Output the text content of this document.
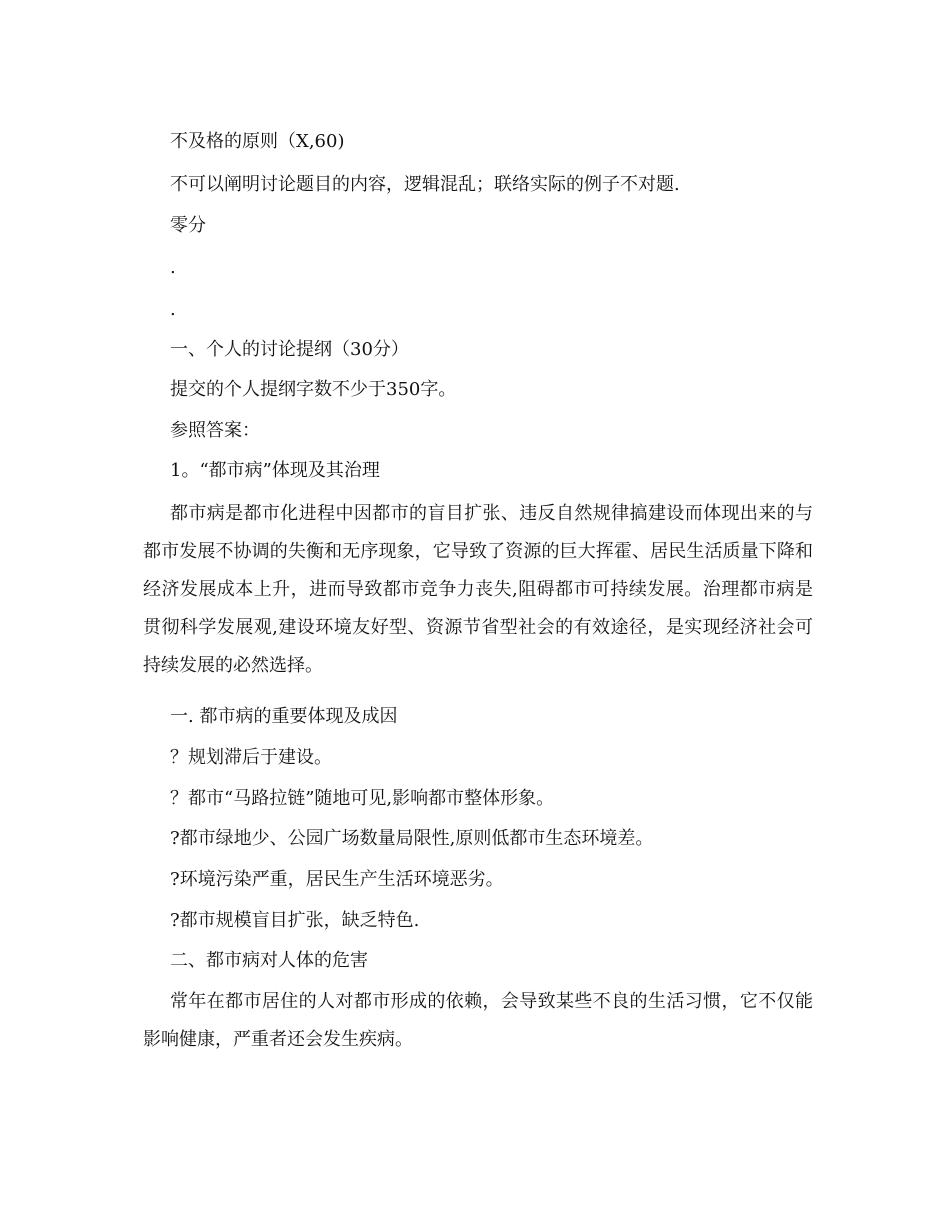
不及格的原则（X,60)
不可以阐明讨论题目的内容，逻辑混乱；联络实际的例子不对题.
零分
.
.
一、个人的讨论提纲（30分）
提交的个人提纲字数不少于350字。
参照答案：
1。“都市病”体现及其治理
都市病是都市化进程中因都市的盲目扩张、违反自然规律搞建设而体现出来的与都市发展不协调的失衡和无序现象，它导致了资源的巨大挥霍、居民生活质量下降和经济发展成本上升，进而导致都市竞争力丧失,阻碍都市可持续发展。治理都市病是贯彻科学发展观,建设环境友好型、资源节省型社会的有效途径，是实现经济社会可持续发展的必然选择。
一. 都市病的重要体现及成因
？规划滞后于建设。
？都市“马路拉链”随地可见,影响都市整体形象。
?都市绿地少、公园广场数量局限性,原则低都市生态环境差。
?环境污染严重，居民生产生活环境恶劣。
?都市规模盲目扩张，缺乏特色.
二、都市病对人体的危害
常年在都市居住的人对都市形成的依赖，会导致某些不良的生活习惯，它不仅能影响健康，严重者还会发生疾病。
